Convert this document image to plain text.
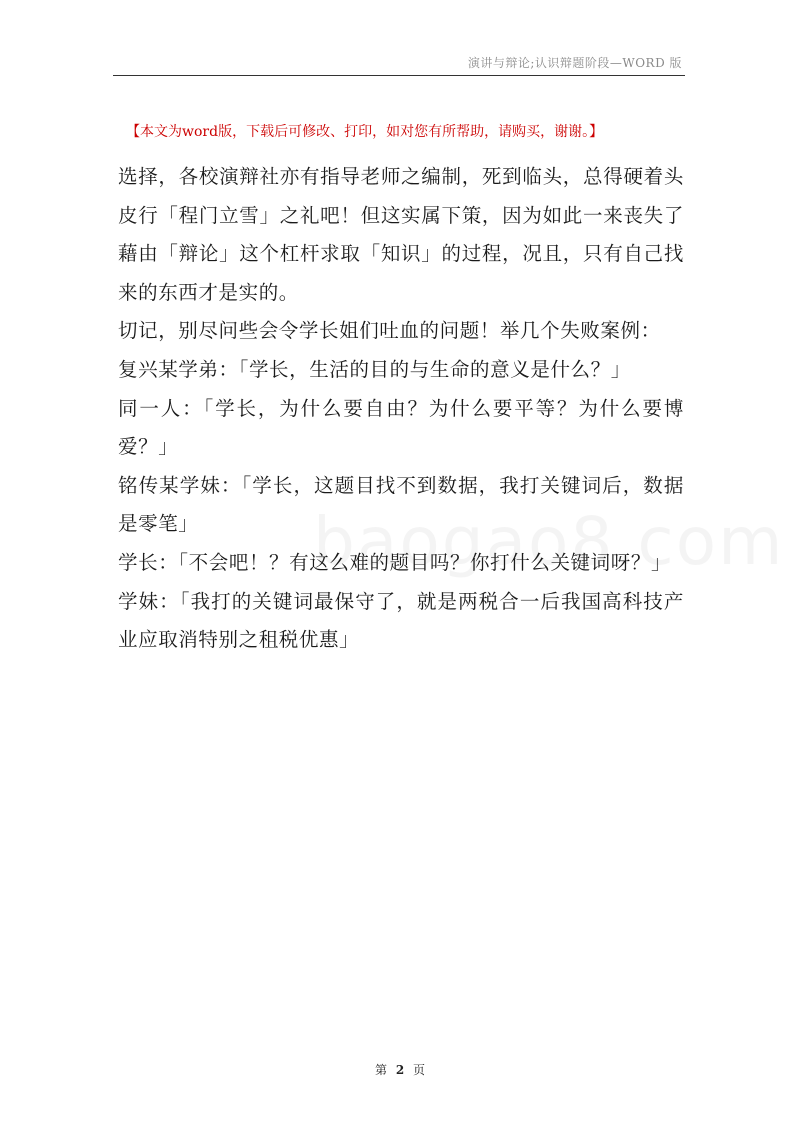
演讲与辩论;认识辩题阶段—WORD 版
【本文为word版，下载后可修改、打印，如对您有所帮助，请购买，谢谢。】

选择，各校演辩社亦有指导老师之编制，死到临头，总得硬着头皮行「程门立雪」之礼吧！但这实属下策，因为如此一来丧失了藉由「辩论」这个杠杆求取「知识」的过程，况且，只有自己找来的东西才是实的。

切记，别尽问些会令学长姐们吐血的问题！举几个失败案例：

复兴某学弟：「学长，生活的目的与生命的意义是什么？」

同一人：「学长，为什么要自由？为什么要平等？为什么要博爱？」

铭传某学妹：「学长，这题目找不到数据，我打关键词后，数据是零笔」

学长：「不会吧！？有这么难的题目吗？你打什么关键词呀？」

学妹：「我打的关键词最保守了，就是两税合一后我国高科技产业应取消特别之租税优惠」

第 2 页
